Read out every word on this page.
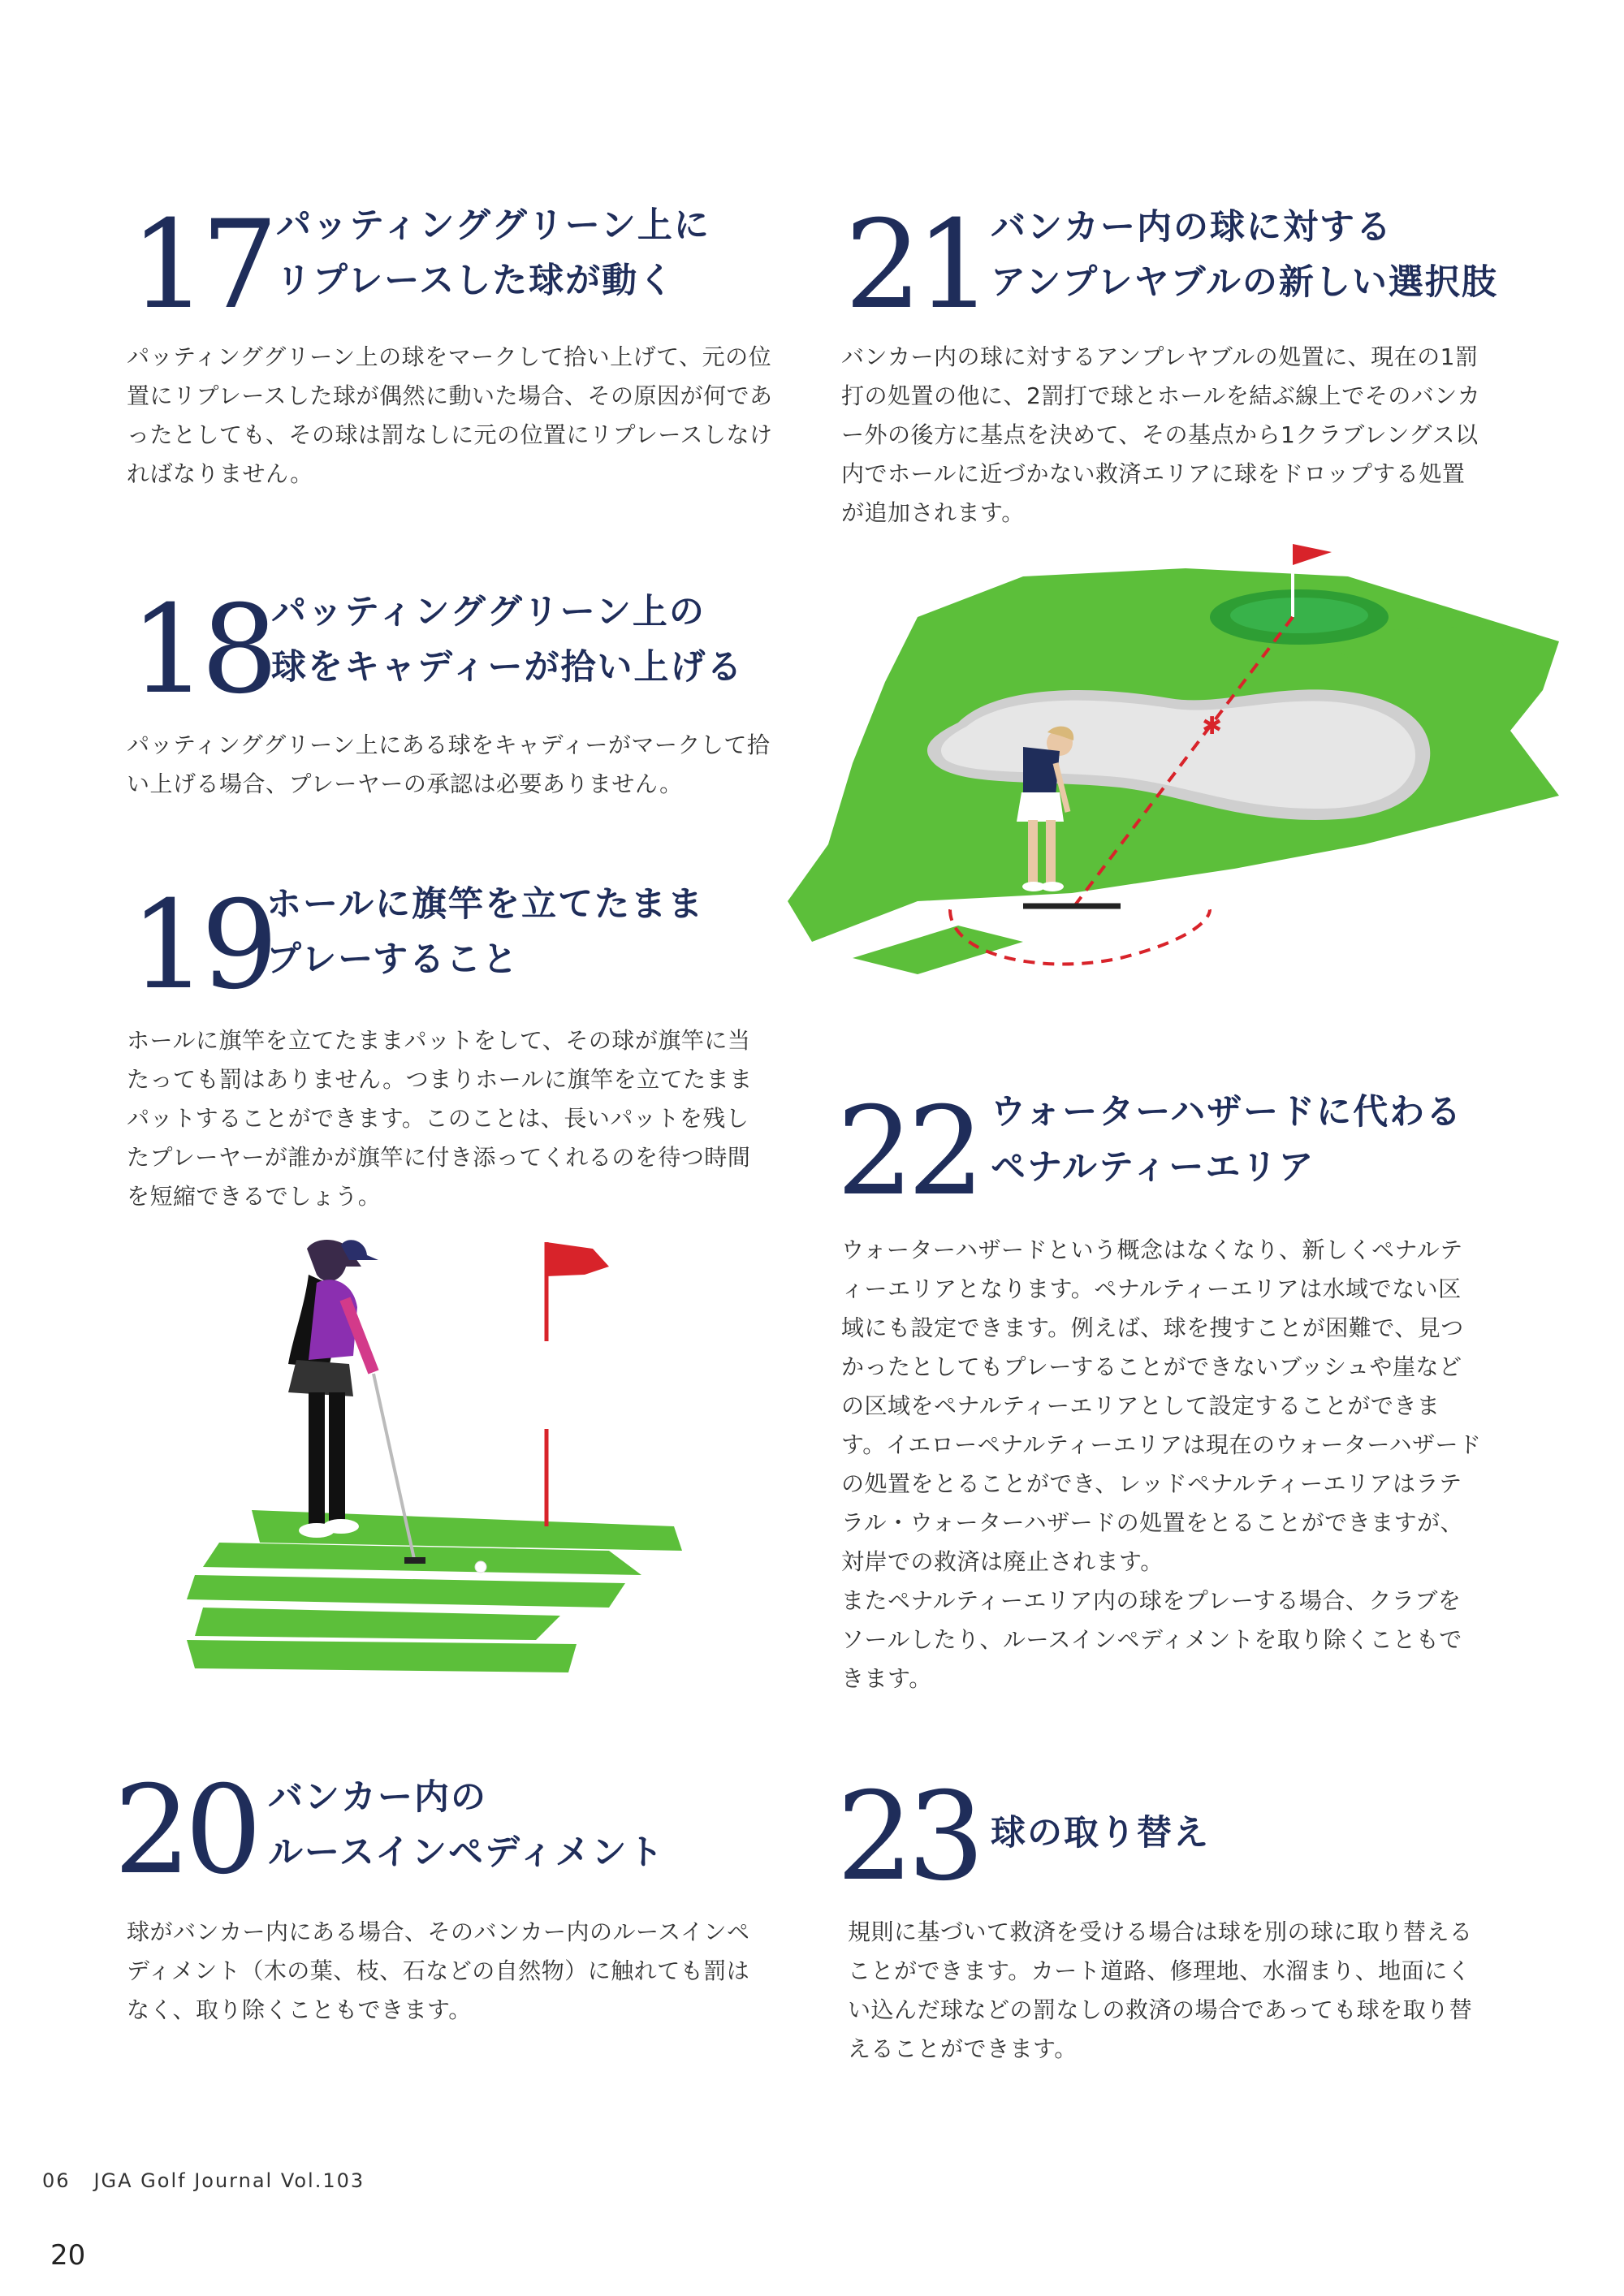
17 パッティンググリーン上に
リプレースした球が動く

パッティンググリーン上の球をマークして拾い上げて、元の位置にリプレースした球が偶然に動いた場合、その原因が何であったとしても、その球は罰なしに元の位置にリプレースしなければなりません。

18 パッティンググリーン上の
球をキャディーが拾い上げる

パッティンググリーン上にある球をキャディーがマークして拾い上げる場合、プレーヤーの承認は必要ありません。

19
ホールに旗竿を立てたまま
プレーすること

ホールに旗竿を立てたままパットをして、その球が旗竿に当たっても罰はありません。つまりホールに旗竿を立てたままパットすることができます。このことは、長いパットを残したプレーヤーが誰かが旗竿に付き添ってくれるのを待つ時間を短縮できるでしょう。

20 バンカー内の
ルースインペディメント

球がバンカー内にある場合、そのバンカー内のルースインペディメント（木の葉、枝、石などの自然物）に触れても罰はなく、取り除くこともできます。

21 バンカー内の球に対する
アンプレヤブルの新しい選択肢

バンカー内の球に対するアンプレヤブルの処置に、現在の1罰打の処置の他に、2罰打で球とホールを結ぶ線上でそのバンカー外の後方に基点を決めて、その基点から1クラブレングス以内でホールに近づかない救済エリアに球をドロップする処置が追加されます。

22 ウォーターハザードに代わる
ペナルティーエリア

ウォーターハザードという概念はなくなり、新しくペナルティーエリアとなります。ペナルティーエリアは水域でない区域にも設定できます。例えば、球を捜すことが困難で、見つかったとしてもプレーすることができないブッシュや崖などの区域をペナルティーエリアとして設定することができます。イエローペナルティーエリアは現在のウォーターハザードの処置をとることができ、レッドペナルティーエリアはラテラル・ウォーターハザードの処置をとることができますが、対岸での救済は廃止されます。

またペナルティーエリア内の球をプレーする場合、クラブをソールしたり、ルースインペディメントを取り除くこともできます。

23 球の取り替え

規則に基づいて救済を受ける場合は球を別の球に取り替えることができます。カート道路、修理地、水溜まり、地面にくい込んだ球などの罰なしの救済の場合であっても球を取り替えることができます。

✱
06 JGA Golf Journal Vol.103
20
